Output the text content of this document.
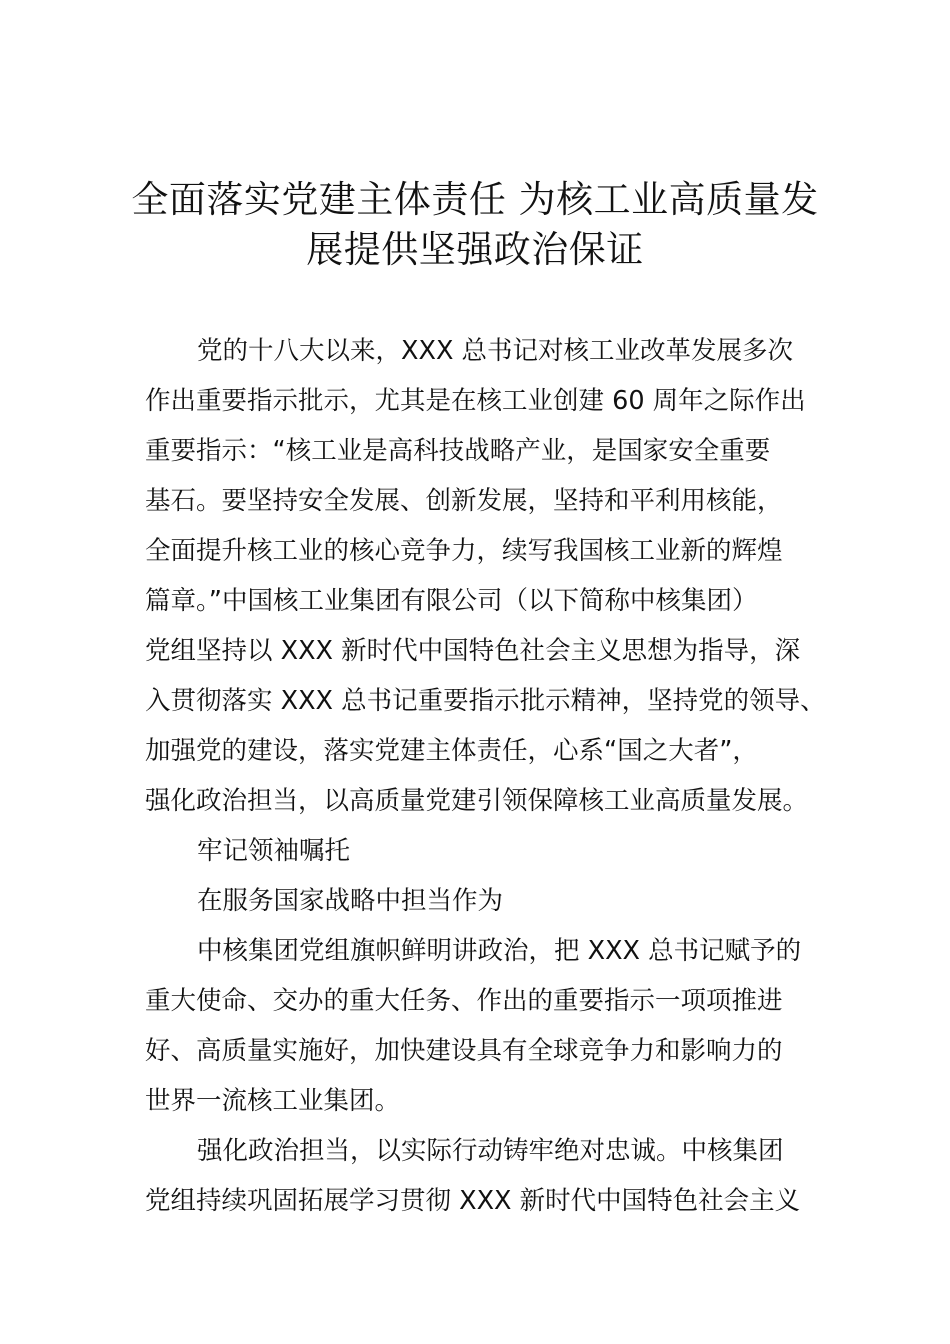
全面落实党建主体责任 为核工业高质量发
展提供坚强政治保证
党的十八大以来，XXX 总书记对核工业改革发展多次
作出重要指示批示，尤其是在核工业创建 60 周年之际作出
重要指示：“核工业是高科技战略产业，是国家安全重要
基石。要坚持安全发展、创新发展，坚持和平利用核能，
全面提升核工业的核心竞争力，续写我国核工业新的辉煌
篇章。”中国核工业集团有限公司（以下简称中核集团）
党组坚持以 XXX 新时代中国特色社会主义思想为指导，深
入贯彻落实 XXX 总书记重要指示批示精神，坚持党的领导、
加强党的建设，落实党建主体责任，心系“国之大者”，
强化政治担当，以高质量党建引领保障核工业高质量发展。
牢记领袖嘱托
在服务国家战略中担当作为
中核集团党组旗帜鲜明讲政治，把 XXX 总书记赋予的
重大使命、交办的重大任务、作出的重要指示一项项推进
好、高质量实施好，加快建设具有全球竞争力和影响力的
世界一流核工业集团。
强化政治担当，以实际行动铸牢绝对忠诚。中核集团
党组持续巩固拓展学习贯彻 XXX 新时代中国特色社会主义
